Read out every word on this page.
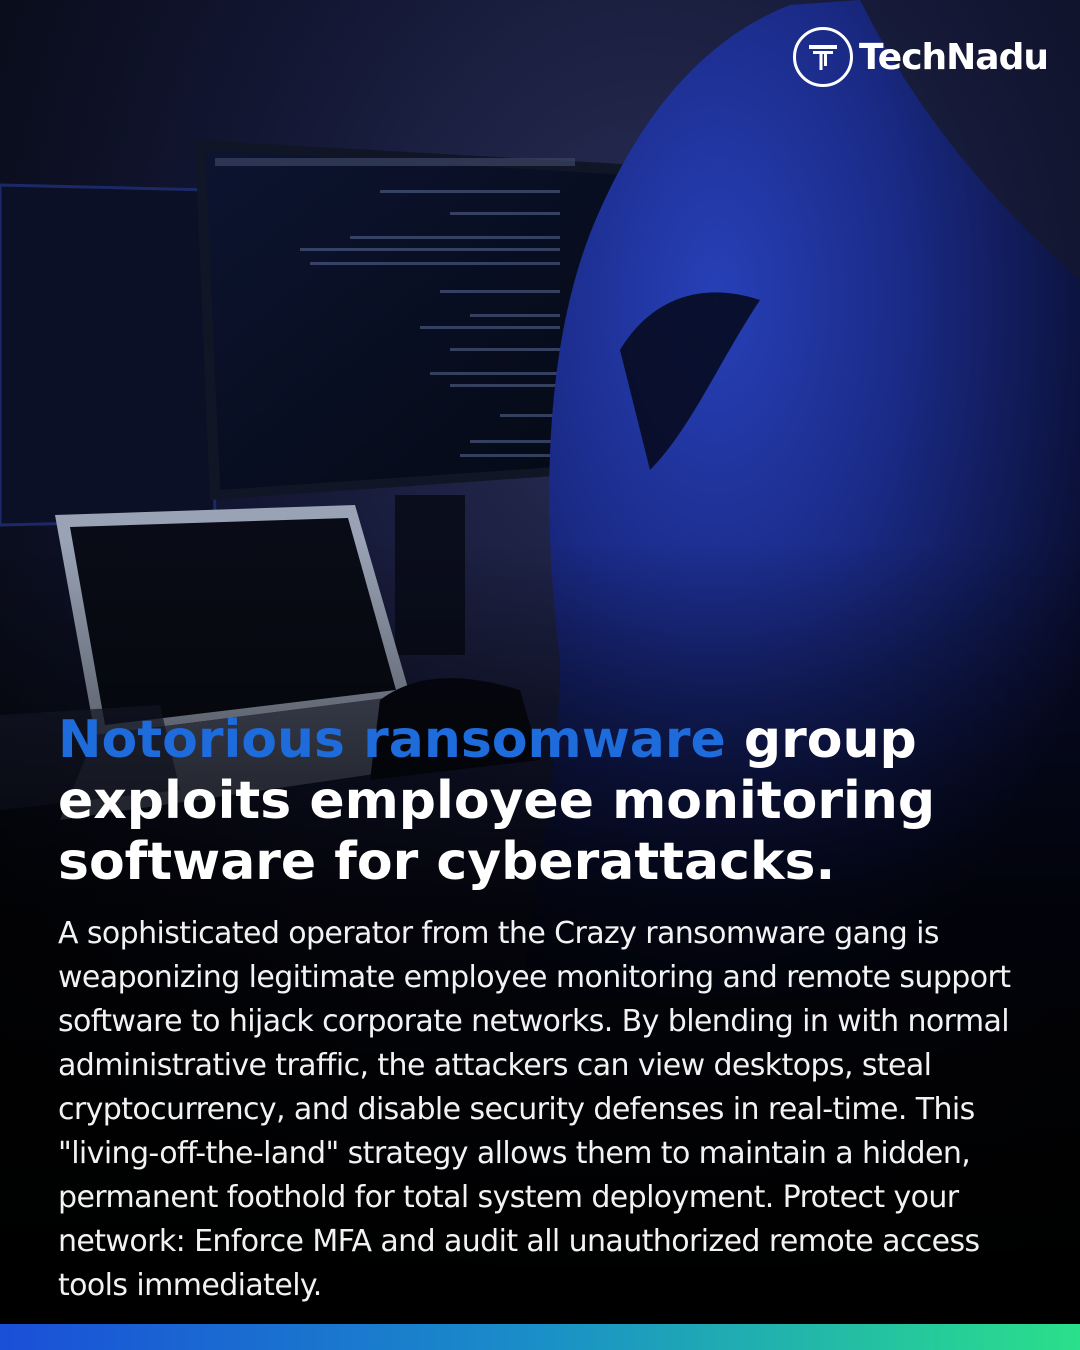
TechNadu
Notorious ransomware group exploits employee monitoring software for cyberattacks.

A sophisticated operator from the Crazy ransomware gang is weaponizing legitimate employee monitoring and remote support software to hijack corporate networks. By blending in with normal administrative traffic, the attackers can view desktops, steal cryptocurrency, and disable security defenses in real-time. This "living-off-the-land" strategy allows them to maintain a hidden, permanent foothold for total system deployment. Protect your network: Enforce MFA and audit all unauthorized remote access tools immediately.
